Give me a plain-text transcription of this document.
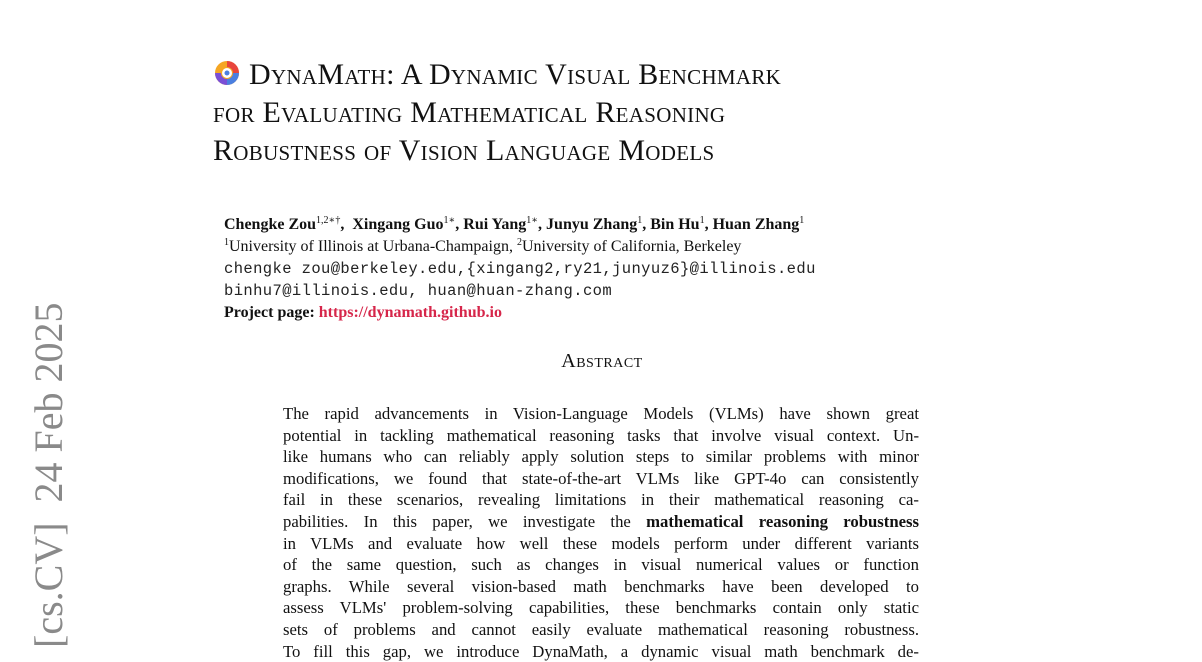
[cs.CV]  24 Feb 2025
DynaMath: A Dynamic Visual Benchmark
for Evaluating Mathematical Reasoning
Robustness of Vision Language Models
Chengke Zou$^{1,2∗\dagger}$,  Xingang Guo$^{1∗}$, Rui Yang$^{1∗}$, Junyu Zhang$^1$, Bin Hu$^1$, Huan Zhang$^1$
$^1$University of Illinois at Urbana-Champaign, $^2$University of California, Berkeley
chengke zou@berkeley.edu,{xingang2,ry21,junyuz6}@illinois.edu
binhu7@illinois.edu, huan@huan-zhang.com
Project page: https://dynamath.github.io
Abstract
The rapid advancements in Vision-Language Models (VLMs) have shown great
potential in tackling mathematical reasoning tasks that involve visual context. Un-
like humans who can reliably apply solution steps to similar problems with minor
modifications, we found that state-of-the-art VLMs like GPT-4o can consistently
fail in these scenarios, revealing limitations in their mathematical reasoning ca-
pabilities. In this paper, we investigate the mathematical reasoning robustness
in VLMs and evaluate how well these models perform under different variants
of the same question, such as changes in visual numerical values or function
graphs. While several vision-based math benchmarks have been developed to
assess VLMs' problem-solving capabilities, these benchmarks contain only static
sets of problems and cannot easily evaluate mathematical reasoning robustness.
To fill this gap, we introduce DynaMath, a dynamic visual math benchmark de-
